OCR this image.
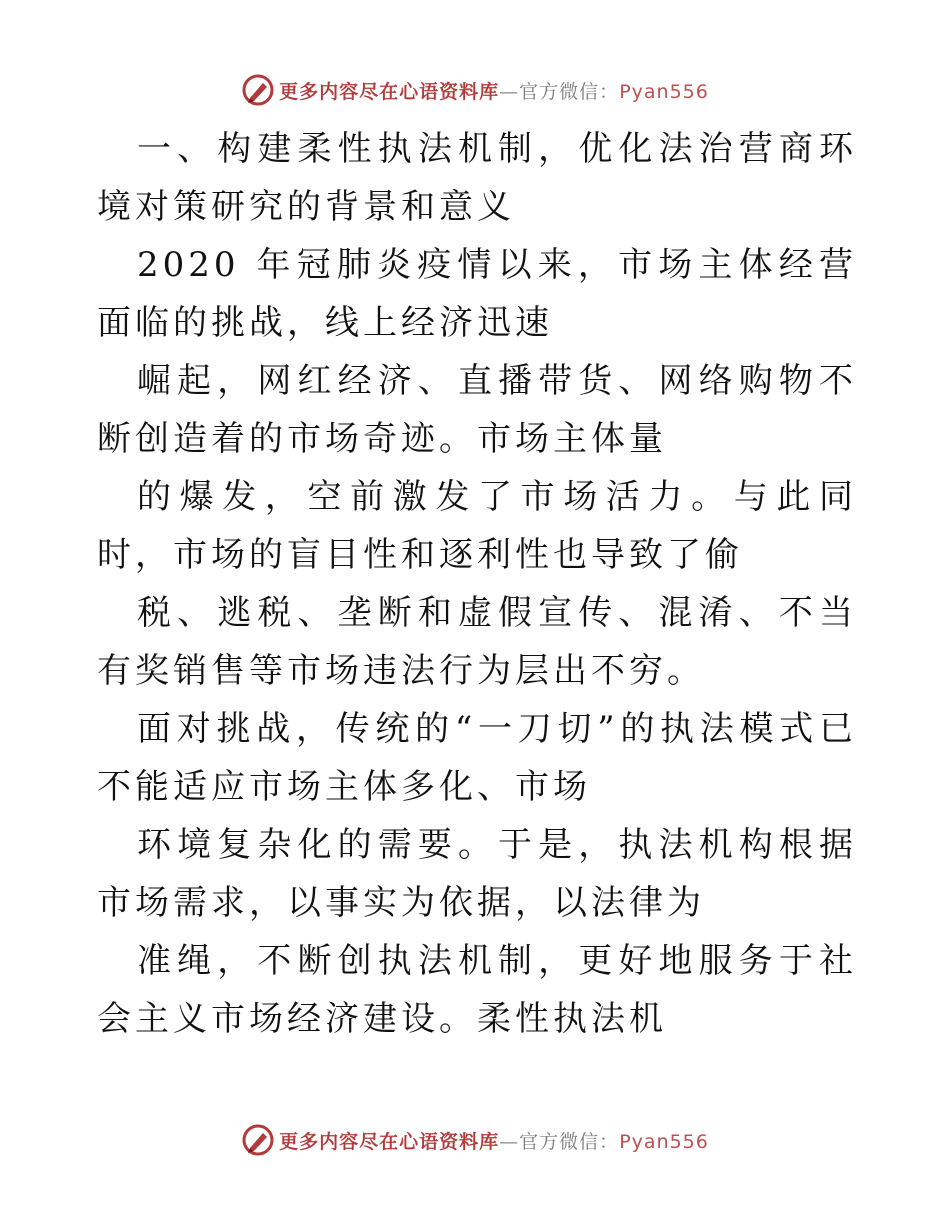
更多内容尽在心语资料库—官方微信：Pyan556

一、构建柔性执法机制，优化法治营商环境对策研究的背景和意义

2020 年冠肺炎疫情以来，市场主体经营面临的挑战，线上经济迅速

崛起，网红经济、直播带货、网络购物不断创造着的市场奇迹。市场主体量

的爆发，空前激发了市场活力。与此同时，市场的盲目性和逐利性也导致了偷

税、逃税、垄断和虚假宣传、混淆、不当有奖销售等市场违法行为层出不穷。

面对挑战，传统的“一刀切”的执法模式已不能适应市场主体多化、市场

环境复杂化的需要。于是，执法机构根据市场需求，以事实为依据，以法律为

准绳，不断创执法机制，更好地服务于社会主义市场经济建设。柔性执法机

更多内容尽在心语资料库—官方微信：Pyan556
